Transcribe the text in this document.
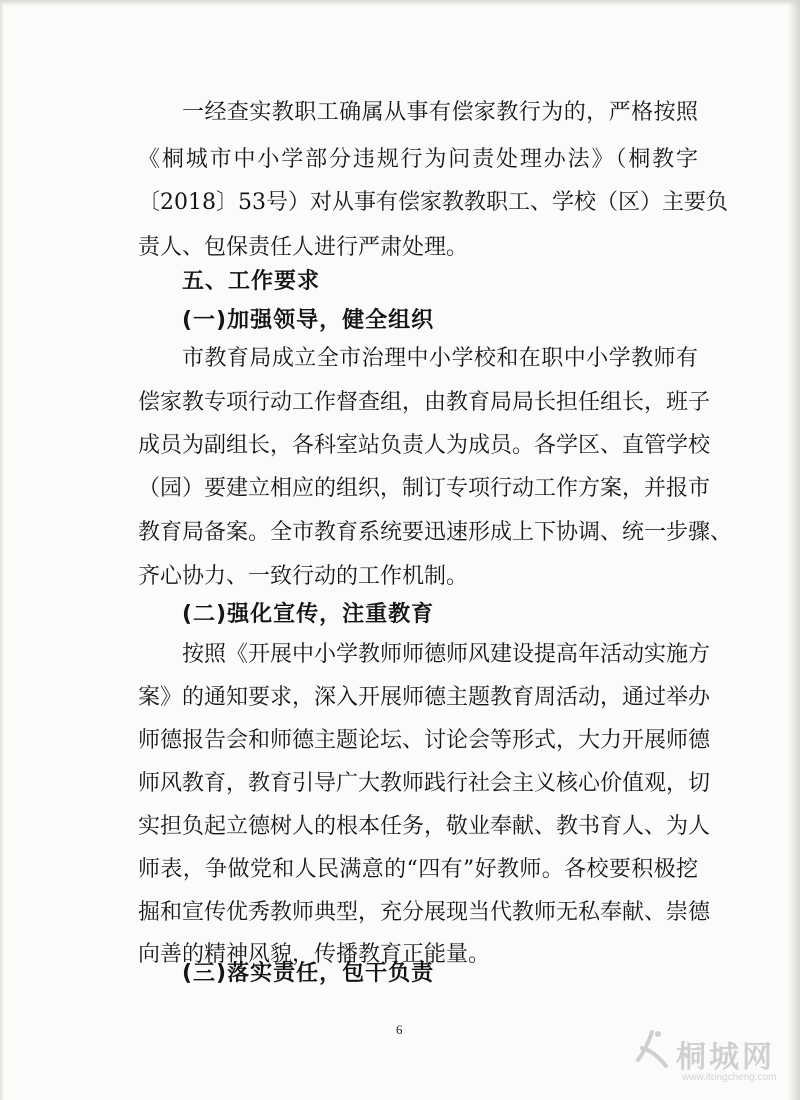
一经查实教职工确属从事有偿家教行为的，严格按照
《桐城市中小学部分违规行为问责处理办法》（桐教字
〔2018〕53号）对从事有偿家教教职工、学校（区）主要负
责人、包保责任人进行严肃处理。
五、工作要求
(一)加强领导，健全组织
市教育局成立全市治理中小学校和在职中小学教师有
偿家教专项行动工作督查组，由教育局局长担任组长，班子
成员为副组长，各科室站负责人为成员。各学区、直管学校
（园）要建立相应的组织，制订专项行动工作方案，并报市
教育局备案。全市教育系统要迅速形成上下协调、统一步骤、
齐心协力、一致行动的工作机制。
(二)强化宣传，注重教育
按照《开展中小学教师师德师风建设提高年活动实施方
案》的通知要求，深入开展师德主题教育周活动，通过举办
师德报告会和师德主题论坛、讨论会等形式，大力开展师德
师风教育，教育引导广大教师践行社会主义核心价值观，切
实担负起立德树人的根本任务，敬业奉献、教书育人、为人
师表，争做党和人民满意的“四有”好教师。各校要积极挖
掘和宣传优秀教师典型，充分展现当代教师无私奉献、崇德
向善的精神风貌，传播教育正能量。
6
桐城网
www.itongcheng.com
(三)落实责任，包干负责
